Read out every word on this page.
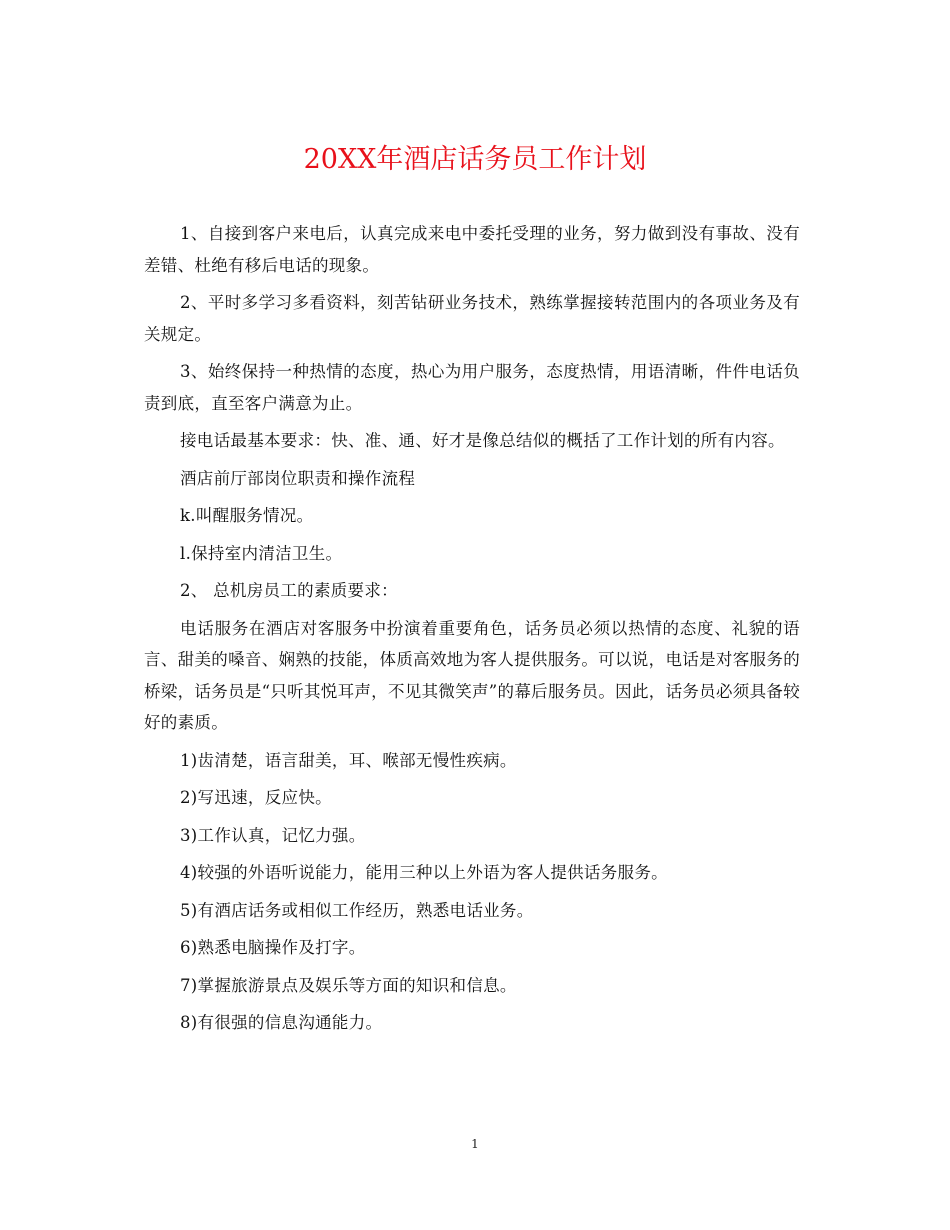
20XX年酒店话务员工作计划

1、自接到客户来电后，认真完成来电中委托受理的业务，努力做到没有事故、没有差错、杜绝有移后电话的现象。

2、平时多学习多看资料，刻苦钻研业务技术，熟练掌握接转范围内的各项业务及有关规定。

3、始终保持一种热情的态度，热心为用户服务，态度热情，用语清晰，件件电话负责到底，直至客户满意为止。

接电话最基本要求：快、准、通、好才是像总结似的概括了工作计划的所有内容。

酒店前厅部岗位职责和操作流程

k.叫醒服务情况。

l.保持室内清洁卫生。

2、 总机房员工的素质要求：

电话服务在酒店对客服务中扮演着重要角色，话务员必须以热情的态度、礼貌的语言、甜美的嗓音、娴熟的技能，体质高效地为客人提供服务。可以说，电话是对客服务的桥梁，话务员是“只听其悦耳声，不见其微笑声”的幕后服务员。因此，话务员必须具备较好的素质。

1)齿清楚，语言甜美，耳、喉部无慢性疾病。

2)写迅速，反应快。

3)工作认真，记忆力强。

4)较强的外语听说能力，能用三种以上外语为客人提供话务服务。

5)有酒店话务或相似工作经历，熟悉电话业务。

6)熟悉电脑操作及打字。

7)掌握旅游景点及娱乐等方面的知识和信息。

8)有很强的信息沟通能力。

1
